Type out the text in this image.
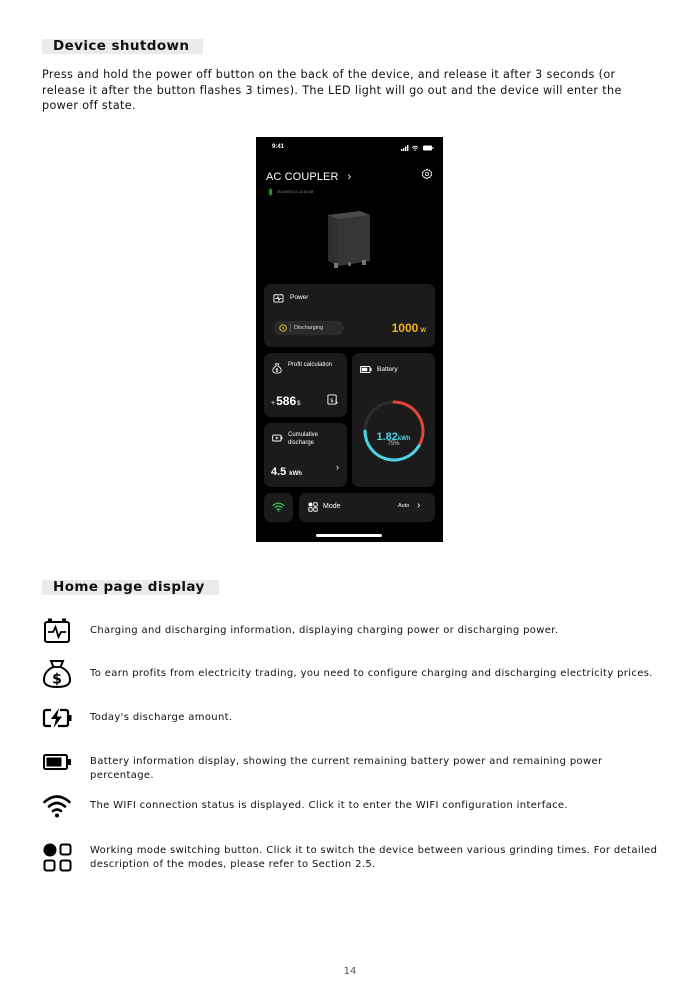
Device shutdown
Press and hold the power off button on the back of the device, and release it after 3 seconds (or release it after the button flashes 3 times). The LED light will go out and the device will enter the power off state.
9:41
AC COUPLER ›
2024/05/13 11:40:38
Power
Discharging	1000 W
$
Profit calculation
+586$
$
Cumulative discharge
4.5 kWh
›
Battery
1.82kWh
75%
Mode	Auto ›
Home page display
Charging and discharging information, displaying charging power or discharging power.
$	To earn profits from electricity trading, you need to configure charging and discharging electricity prices.
Today's discharge amount.
Battery information display, showing the current remaining battery power and remaining power percentage.
The WIFI connection status is displayed. Click it to enter the WIFI configuration interface.
Working mode switching button. Click it to switch the device between various grinding times. For detailed description of the modes, please refer to Section 2.5.
14
